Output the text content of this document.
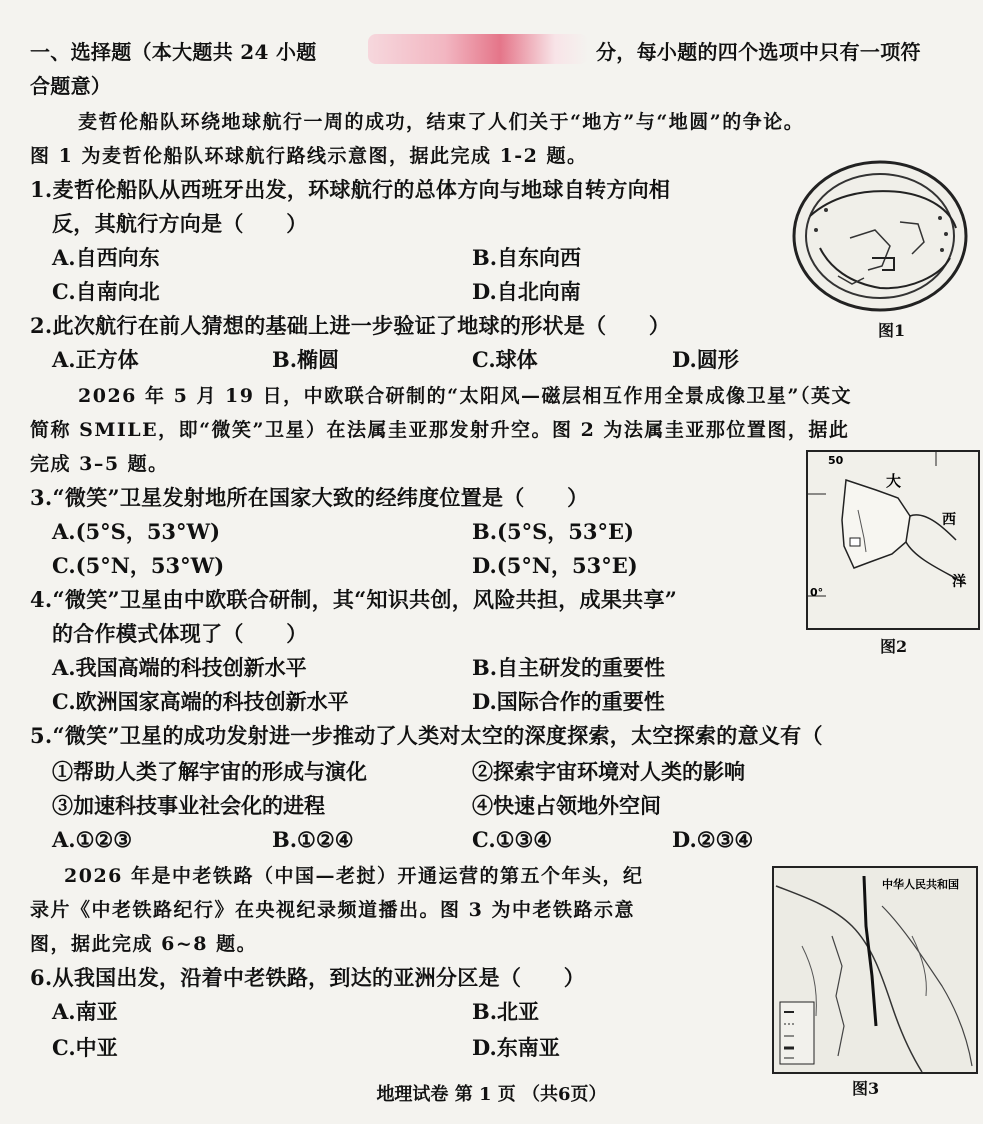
一、选择题（本大题共 24 小题	分，每小题的四个选项中只有一项符
合题意）
麦哲伦船队环绕地球航行一周的成功，结束了人们关于“地方”与“地圆”的争论。
图 1 为麦哲伦船队环球航行路线示意图，据此完成 1-2 题。
1.麦哲伦船队从西班牙出发，环球航行的总体方向与地球自转方向相
反，其航行方向是（　　）
A.自西向东	B.自东向西
C.自南向北	D.自北向南
图1
2.此次航行在前人猜想的基础上进一步验证了地球的形状是（　　）
A.正方体	B.椭圆	C.球体	D.圆形
2026 年 5 月 19 日，中欧联合研制的“太阳风—磁层相互作用全景成像卫星”（英文
简称 SMILE，即“微笑”卫星）在法属圭亚那发射升空。图 2 为法属圭亚那位置图，据此
完成 3–5 题。	50
大
西
洋
0°
图2
3.“微笑”卫星发射地所在国家大致的经纬度位置是（　　）
A.(5°S，53°W)	B.(5°S，53°E)
C.(5°N，53°W)	D.(5°N，53°E)
4.“微笑”卫星由中欧联合研制，其“知识共创，风险共担，成果共享”
的合作模式体现了（　　）
A.我国高端的科技创新水平	B.自主研发的重要性
C.欧洲国家高端的科技创新水平	D.国际合作的重要性
5.“微笑”卫星的成功发射进一步推动了人类对太空的深度探索，太空探索的意义有（
①帮助人类了解宇宙的形成与演化	②探索宇宙环境对人类的影响
③加速科技事业社会化的进程	④快速占领地外空间
A.①②③	B.①②④	C.①③④	D.②③④
2026 年是中老铁路（中国—老挝）开通运营的第五个年头，纪
录片《中老铁路纪行》在央视纪录频道播出。图 3 为中老铁路示意
图，据此完成 6~8 题。
中华人民共和国
图3
6.从我国出发，沿着中老铁路，到达的亚洲分区是（　　）
A.南亚	B.北亚
C.中亚	D.东南亚
地理试卷 第 1 页 （共6页）
